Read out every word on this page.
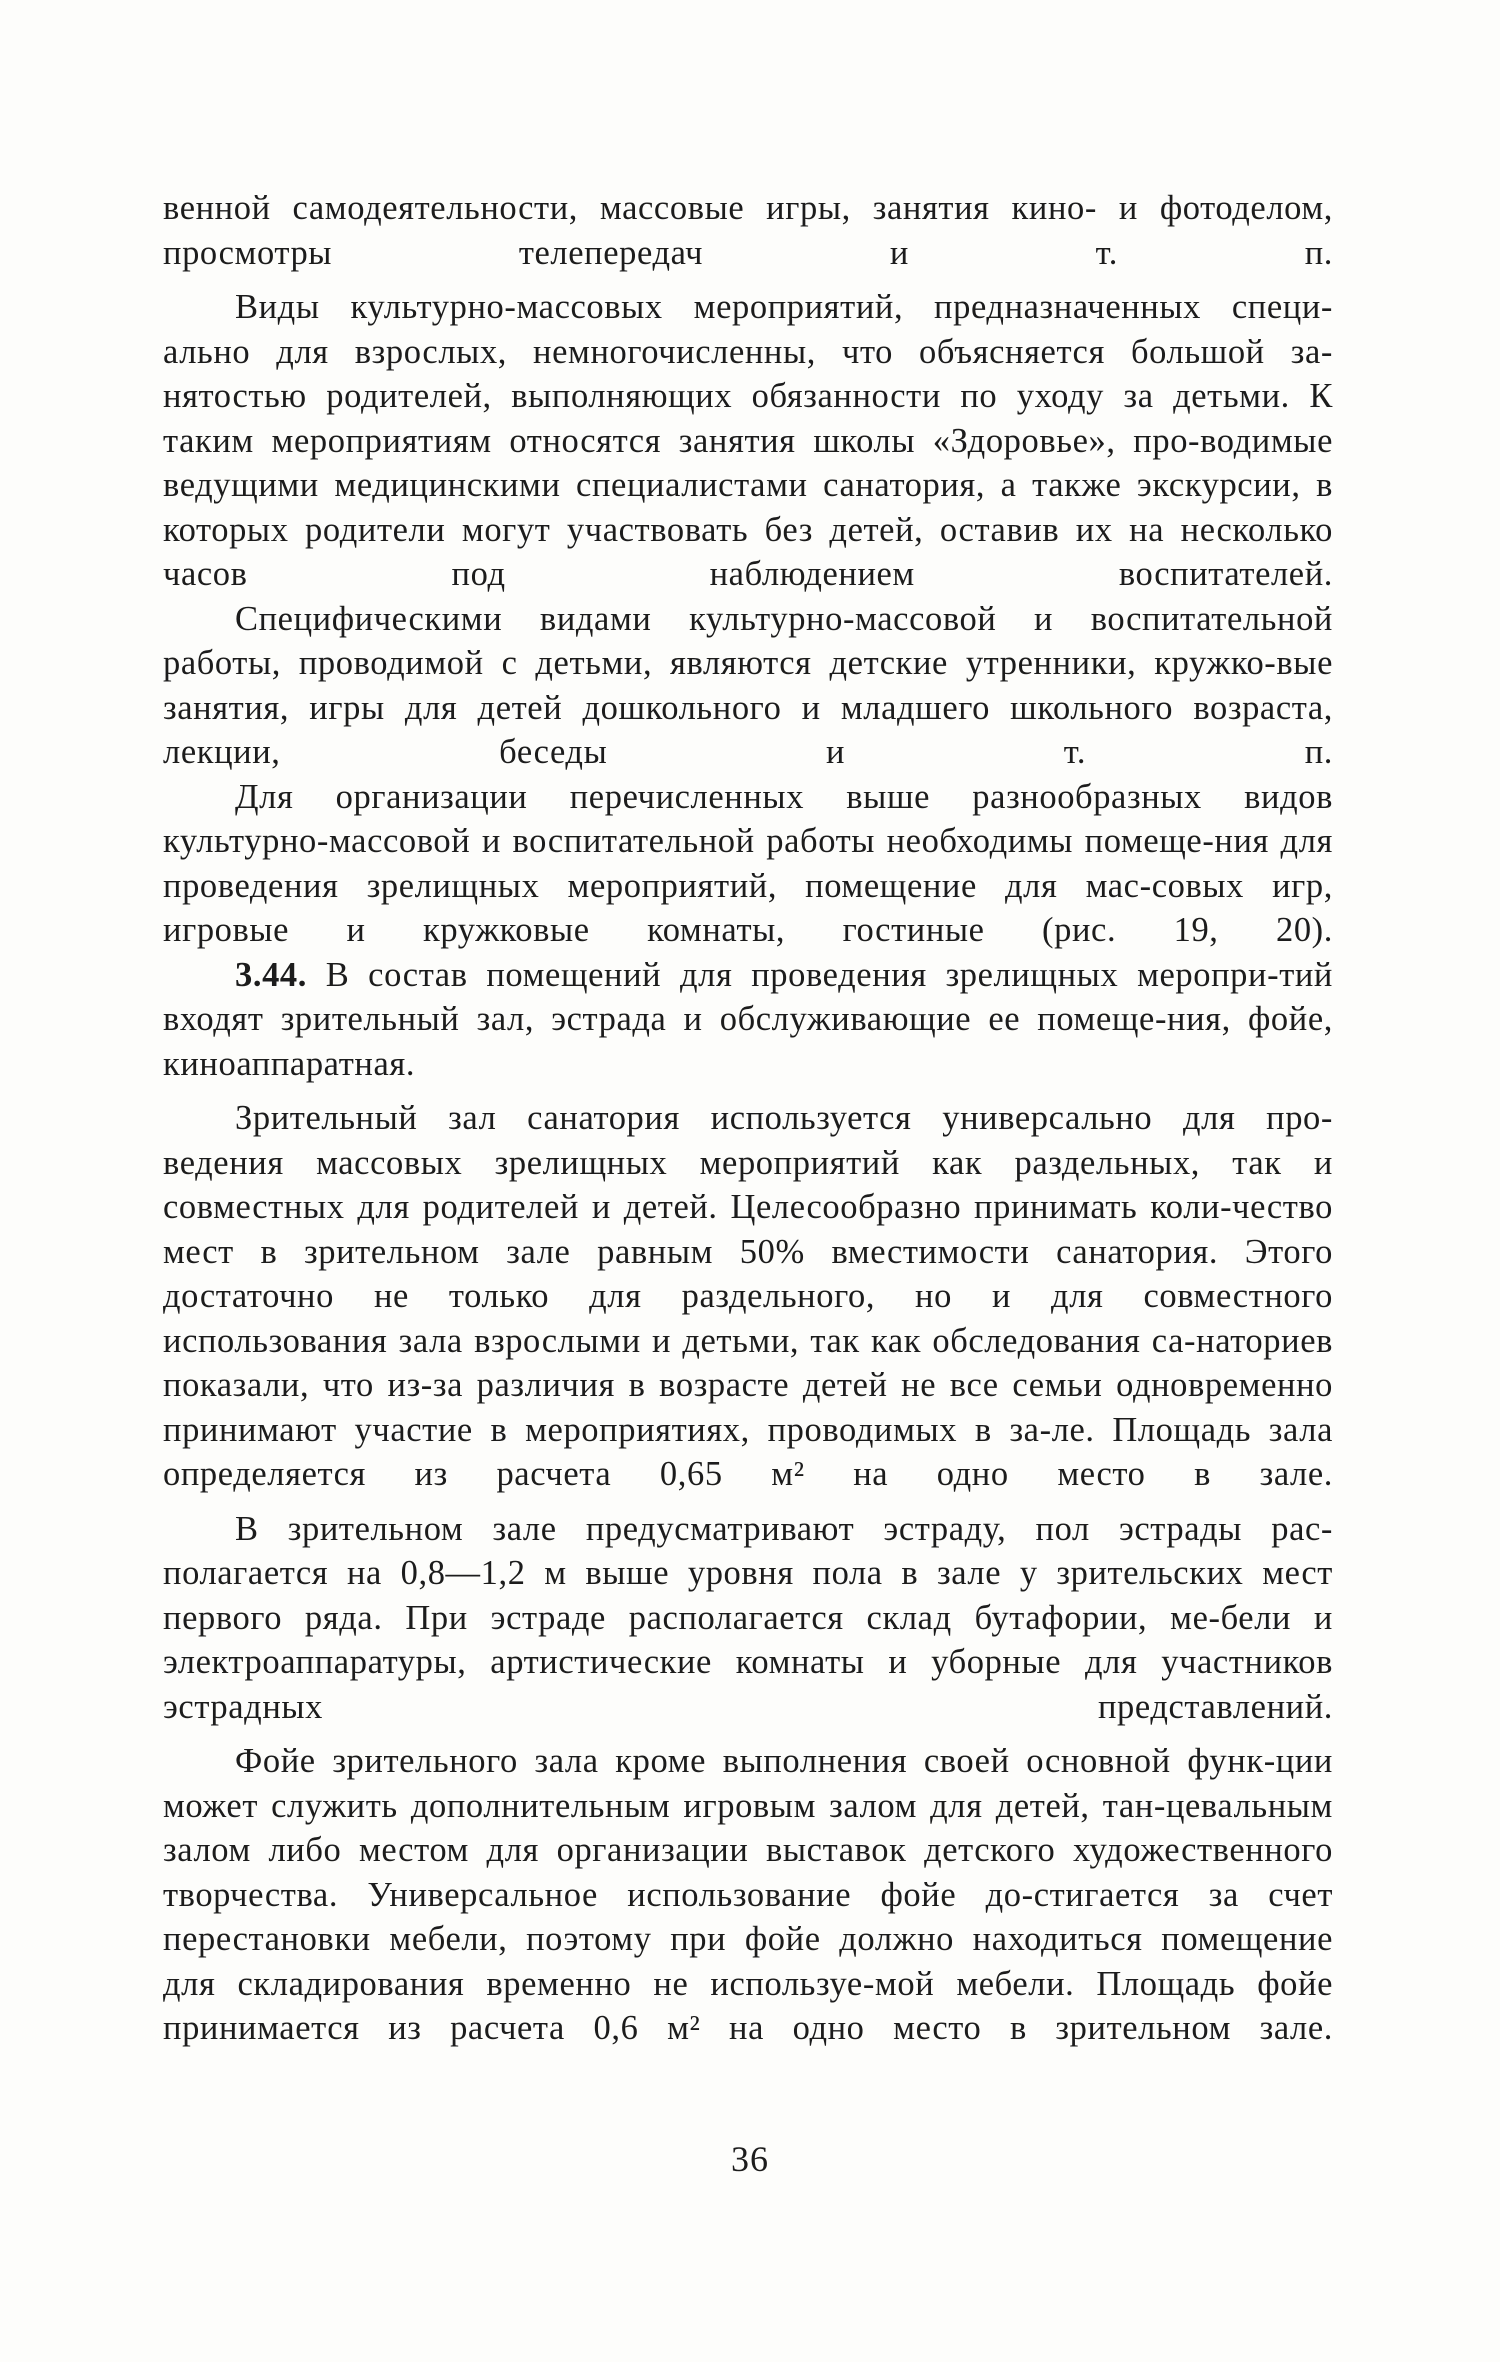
венной самодеятельности, массовые игры, занятия кино- и фотоделом, просмотры телепередач и т. п.

Виды культурно-массовых мероприятий, предназначенных специ-ально для взрослых, немногочисленны, что объясняется большой за-нятостью родителей, выполняющих обязанности по уходу за детьми. К таким мероприятиям относятся занятия школы «Здоровье», про-водимые ведущими медицинскими специалистами санатория, а также экскурсии, в которых родители могут участвовать без детей, оставив их на несколько часов под наблюдением воспитателей.

Специфическими видами культурно-массовой и воспитательной работы, проводимой с детьми, являются детские утренники, кружко-вые занятия, игры для детей дошкольного и младшего школьного возраста, лекции, беседы и т. п.

Для организации перечисленных выше разнообразных видов культурно-массовой и воспитательной работы необходимы помеще-ния для проведения зрелищных мероприятий, помещение для мас-совых игр, игровые и кружковые комнаты, гостиные (рис. 19, 20).

3.44. В состав помещений для проведения зрелищных меропри-тий входят зрительный зал, эстрада и обслуживающие ее помеще-ния, фойе, киноаппаратная.

Зрительный зал санатория используется универсально для про-ведения массовых зрелищных мероприятий как раздельных, так и совместных для родителей и детей. Целесообразно принимать коли-чество мест в зрительном зале равным 50% вместимости санатория. Этого достаточно не только для раздельного, но и для совместного использования зала взрослыми и детьми, так как обследования са-наториев показали, что из-за различия в возрасте детей не все семьи одновременно принимают участие в мероприятиях, проводимых в за-ле. Площадь зала определяется из расчета 0,65 м² на одно место в зале.

В зрительном зале предусматривают эстраду, пол эстрады рас-полагается на 0,8—1,2 м выше уровня пола в зале у зрительских мест первого ряда. При эстраде располагается склад бутафории, ме-бели и электроаппаратуры, артистические комнаты и уборные для участников эстрадных представлений.

Фойе зрительного зала кроме выполнения своей основной функ-ции может служить дополнительным игровым залом для детей, тан-цевальным залом либо местом для организации выставок детского художественного творчества. Универсальное использование фойе до-стигается за счет перестановки мебели, поэтому при фойе должно находиться помещение для складирования временно не используе-мой мебели. Площадь фойе принимается из расчета 0,6 м² на одно место в зрительном зале.

36
